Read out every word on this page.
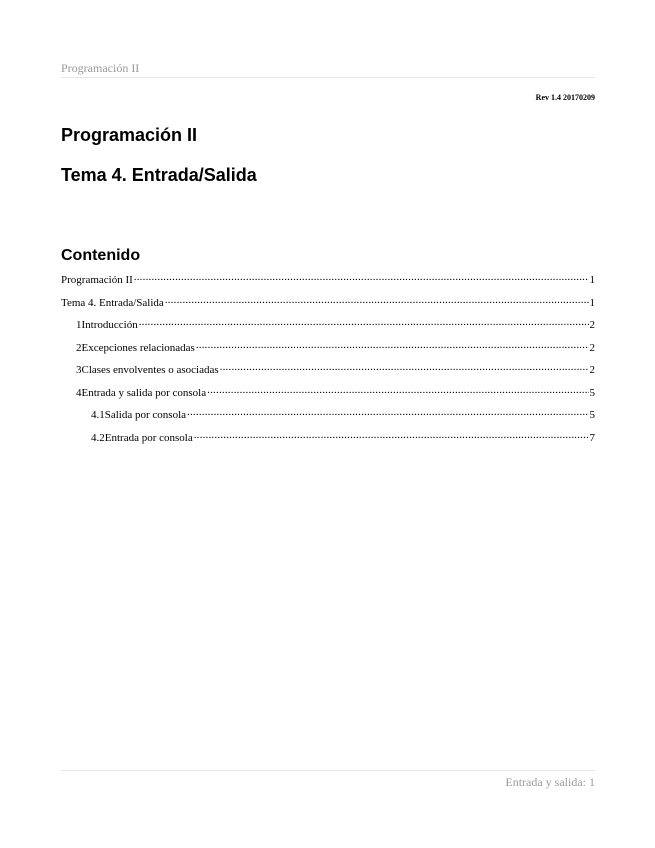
Programación II
Rev 1.4 20170209
Programación II
Tema 4. Entrada/Salida
Contenido
Programación II .....	1
Tema 4. Entrada/Salida .....	1
1Introducción .....	2
2Excepciones relacionadas .....	2
3Clases envolventes o asociadas .....	2
4Entrada y salida por consola .....	5
4.1Salida por consola .....	5
4.2Entrada por consola .....	7
Entrada y salida: 1
